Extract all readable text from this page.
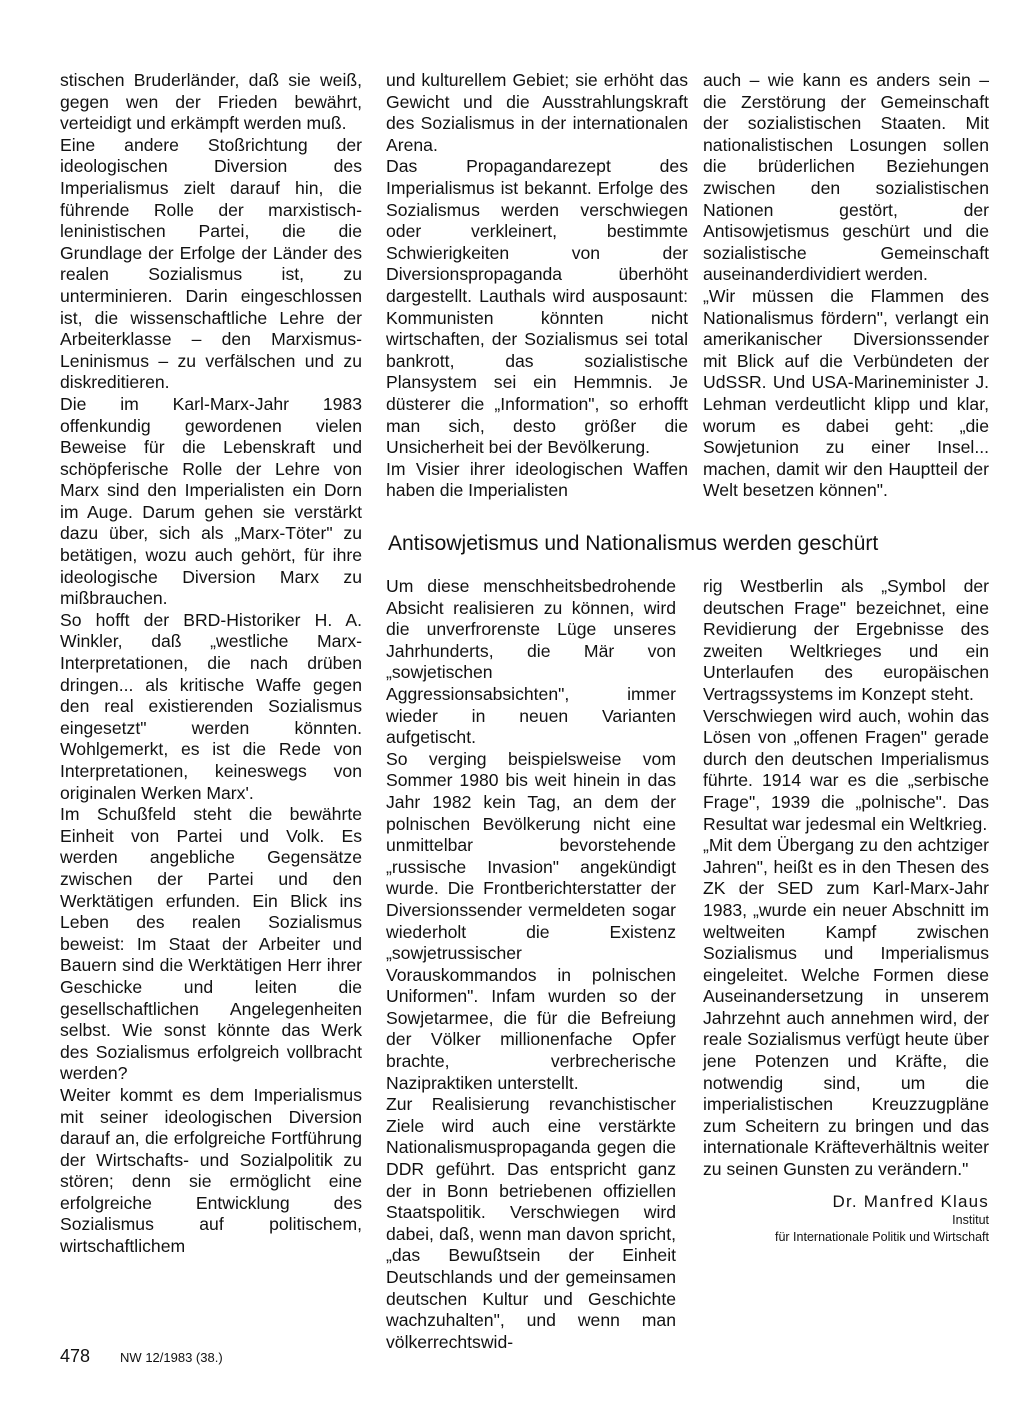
stischen Bruderländer, daß sie weiß, gegen wen der Frieden bewährt, verteidigt und erkämpft werden muß.

Eine andere Stoßrichtung der ideologischen Diversion des Imperialismus zielt darauf hin, die führende Rolle der marxistisch-leninistischen Partei, die die Grundlage der Erfolge der Länder des realen Sozialismus ist, zu unterminieren. Darin eingeschlossen ist, die wissenschaftliche Lehre der Arbeiterklasse – den Marxismus-Leninismus – zu verfälschen und zu diskreditieren.

Die im Karl-Marx-Jahr 1983 offenkundig gewordenen vielen Beweise für die Lebenskraft und schöpferische Rolle der Lehre von Marx sind den Imperialisten ein Dorn im Auge. Darum gehen sie verstärkt dazu über, sich als „Marx-Töter" zu betätigen, wozu auch gehört, für ihre ideologische Diversion Marx zu mißbrauchen.

So hofft der BRD-Historiker H. A. Winkler, daß „westliche Marx-Interpretationen, die nach drüben dringen... als kritische Waffe gegen den real existierenden Sozialismus eingesetzt" werden könnten. Wohlgemerkt, es ist die Rede von Interpretationen, keineswegs von originalen Werken Marx'.

Im Schußfeld steht die bewährte Einheit von Partei und Volk. Es werden angebliche Gegensätze zwischen der Partei und den Werktätigen erfunden. Ein Blick ins Leben des realen Sozialismus beweist: Im Staat der Arbeiter und Bauern sind die Werktätigen Herr ihrer Geschicke und leiten die gesellschaftlichen Angelegenheiten selbst. Wie sonst könnte das Werk des Sozialismus erfolgreich vollbracht werden?

Weiter kommt es dem Imperialismus mit seiner ideologischen Diversion darauf an, die erfolgreiche Fortführung der Wirtschafts- und Sozialpolitik zu stören; denn sie ermöglicht eine erfolgreiche Entwicklung des Sozialismus auf politischem, wirtschaftlichem

und kulturellem Gebiet; sie erhöht das Gewicht und die Ausstrahlungskraft des Sozialismus in der internationalen Arena.

Das Propagandarezept des Imperialismus ist bekannt. Erfolge des Sozialismus werden verschwiegen oder verkleinert, bestimmte Schwierigkeiten von der Diversionspropaganda überhöht dargestellt. Lauthals wird ausposaunt: Kommunisten könnten nicht wirtschaften, der Sozialismus sei total bankrott, das sozialistische Plansystem sei ein Hemmnis. Je düsterer die „Information", so erhofft man sich, desto größer die Unsicherheit bei der Bevölkerung.

Im Visier ihrer ideologischen Waffen haben die Imperialisten

auch – wie kann es anders sein – die Zerstörung der Gemeinschaft der sozialistischen Staaten. Mit nationalistischen Losungen sollen die brüderlichen Beziehungen zwischen den sozialistischen Nationen gestört, der Antisowjetismus geschürt und die sozialistische Gemeinschaft auseinanderdividiert werden.

„Wir müssen die Flammen des Nationalismus fördern", verlangt ein amerikanischer Diversionssender mit Blick auf die Verbündeten der UdSSR. Und USA-Marineminister J. Lehman verdeutlicht klipp und klar, worum es dabei geht: „die Sowjetunion zu einer Insel... machen, damit wir den Hauptteil der Welt besetzen können".

Antisowjetismus und Nationalismus werden geschürt

Um diese menschheitsbedrohende Absicht realisieren zu können, wird die unverfrorenste Lüge unseres Jahrhunderts, die Mär von „sowjetischen Aggressionsabsichten", immer wieder in neuen Varianten aufgetischt.

So verging beispielsweise vom Sommer 1980 bis weit hinein in das Jahr 1982 kein Tag, an dem der polnischen Bevölkerung nicht eine unmittelbar bevorstehende „russische Invasion" angekündigt wurde. Die Frontberichterstatter der Diversionssender vermeldeten sogar wiederholt die Existenz „sowjetrussischer Vorauskommandos in polnischen Uniformen". Infam wurden so der Sowjetarmee, die für die Befreiung der Völker millionenfache Opfer brachte, verbrecherische Nazipraktiken unterstellt.

Zur Realisierung revanchistischer Ziele wird auch eine verstärkte Nationalismuspropaganda gegen die DDR geführt. Das entspricht ganz der in Bonn betriebenen offiziellen Staatspolitik. Verschwiegen wird dabei, daß, wenn man davon spricht, „das Bewußtsein der Einheit Deutschlands und der gemeinsamen deutschen Kultur und Geschichte wachzuhalten", und wenn man völkerrechtswid-

rig Westberlin als „Symbol der deutschen Frage" bezeichnet, eine Revidierung der Ergebnisse des zweiten Weltkrieges und ein Unterlaufen des europäischen Vertragssystems im Konzept steht.

Verschwiegen wird auch, wohin das Lösen von „offenen Fragen" gerade durch den deutschen Imperialismus führte. 1914 war es die „serbische Frage", 1939 die „polnische". Das Resultat war jedesmal ein Weltkrieg.

„Mit dem Übergang zu den achtziger Jahren", heißt es in den Thesen des ZK der SED zum Karl-Marx-Jahr 1983, „wurde ein neuer Abschnitt im weltweiten Kampf zwischen Sozialismus und Imperialismus eingeleitet. Welche Formen diese Auseinandersetzung in unserem Jahrzehnt auch annehmen wird, der reale Sozialismus verfügt heute über jene Potenzen und Kräfte, die notwendig sind, um die imperialistischen Kreuzzugpläne zum Scheitern zu bringen und das internationale Kräfteverhältnis weiter zu seinen Gunsten zu verändern."

Dr. Manfred Klaus
Institut
für Internationale Politik und Wirtschaft
478 NW 12/1983 (38.)
